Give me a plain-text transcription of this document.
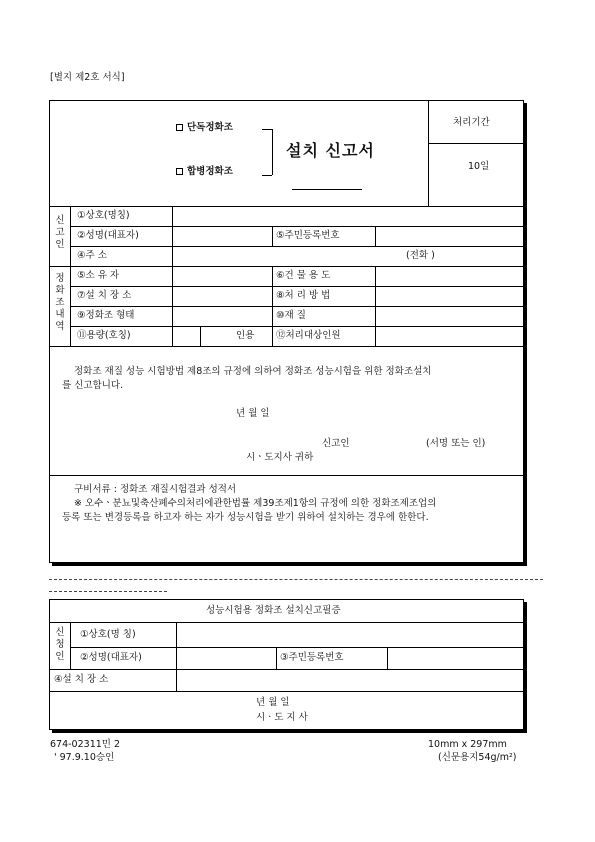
[별지 제2호 서식]
단독정화조
합병정화조
설치 신고서
처리기간
10일
신
고
인
①상호(명칭)
②성명(대표자)	⑤주민등록번호
④주 소	(전화 )
정
화
조
내
역
⑤소 유 자	⑥건 물 용 도
⑦설 치 장 소	⑧처 리 방 법
⑨정화조 형태	⑩재 질
⑪용량(호칭)	인용 ⑫처리대상인원
정화조 재질 성능 시험방법 제8조의 규정에 의하여 정화조 성능시험을 위한 정화조설치
를 신고합니다.
년 월 일
신고인	(서명 또는 인)
시ㆍ도지사 귀하
구비서류 : 정화조 재질시험결과 성적서
※ 오수ㆍ분뇨및축산폐수의처리에관한법률 제39조제1항의 규정에 의한 정화조제조업의
등록 또는 변경등록을 하고자 하는 자가 성능시험을 받기 위하여 설치하는 경우에 한한다.
성능시험용 정화조 설치신고필증
신
청
인
①상호(명 칭)
②성명(대표자)	③주민등록번호
④설 치 장 소
년 월 일
시 · 도 지 사
674-02311민 2
' 97.9.10승인
10mm x 297mm
(신문용지54g/m²)
